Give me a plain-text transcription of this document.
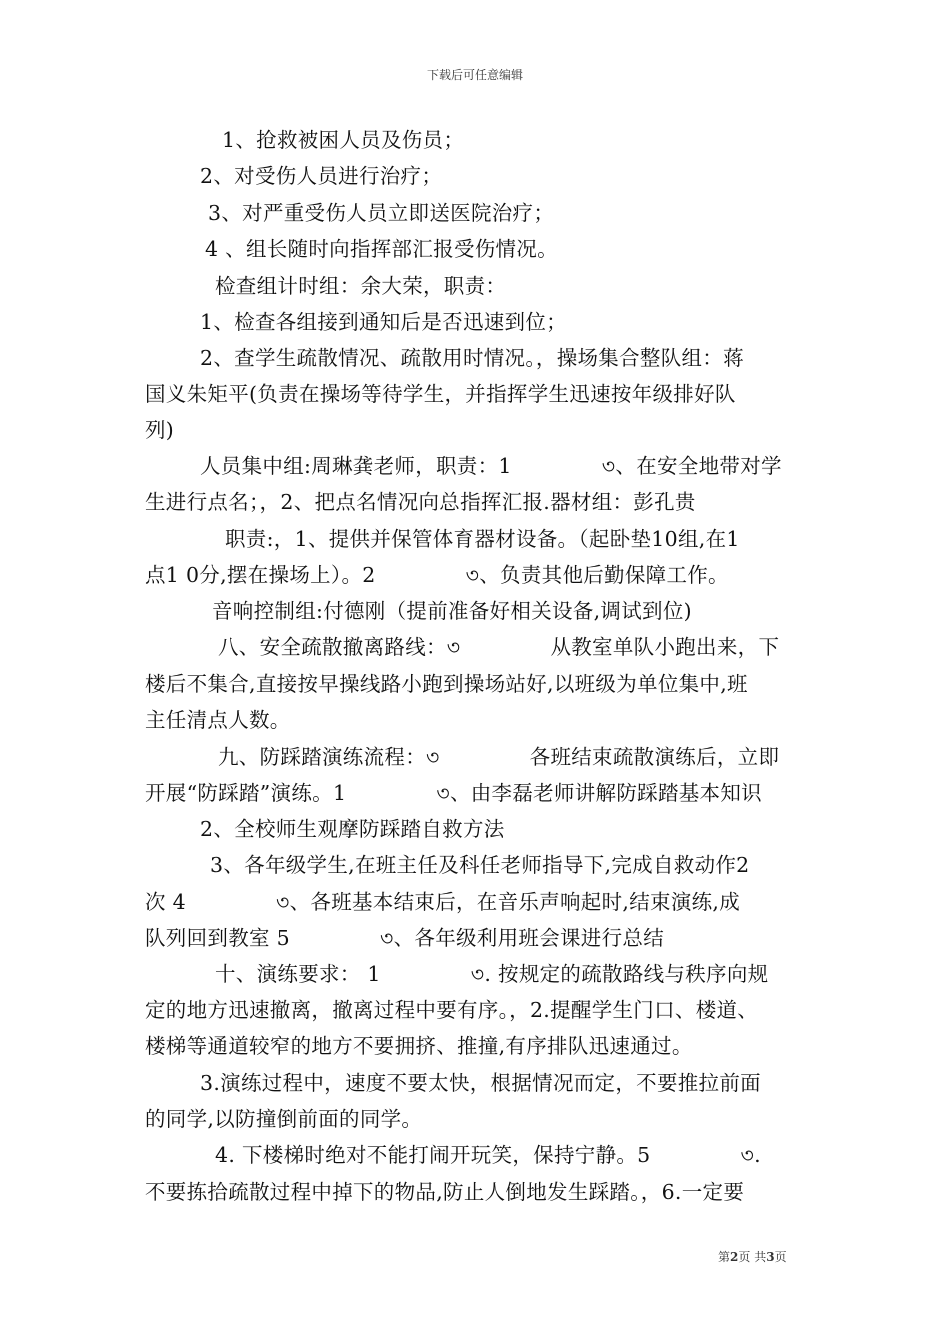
下载后可任意编辑
1、抢救被困人员及伤员；
2、对受伤人员进行治疗；
3、对严重受伤人员立即送医院治疗；
4 、组长随时向指挥部汇报受伤情况。
检查组计时组：余大荣，职责：
1、检查各组接到通知后是否迅速到位；
2、查学生疏散情况、疏散用时情况。，操场集合整队组：蒋
国义朱矩平(负责在操场等待学生，并指挥学生迅速按年级排好队
列)
人员集中组:周琳龚老师，职责：1　　　　 ৩、在安全地带对学
生进行点名；，2、把点名情况向总指挥汇报.器材组：彭孔贵
职责:，1、提供并保管体育器材设备。（起卧垫10组,在1
点1 0分,摆在操场上）。2　　　　 ৩、负责其他后勤保障工作。
音响控制组:付德刚（提前准备好相关设备,调试到位)
八、安全疏散撤离路线：৩　　　　 从教室单队小跑出来，下
楼后不集合,直接按早操线路小跑到操场站好,以班级为单位集中,班
主任清点人数。
九、防踩踏演练流程：৩　　　　 各班结束疏散演练后，立即
开展“防踩踏”演练。1　　　　 ৩、由李磊老师讲解防踩踏基本知识
2、全校师生观摩防踩踏自救方法
3、各年级学生,在班主任及科任老师指导下,完成自救动作2
次 4　　　　 ৩、各班基本结束后，在音乐声响起时,结束演练,成
队列回到教室 5　　　　 ৩、各年级利用班会课进行总结
十、演练要求： 1　　　　 ৩. 按规定的疏散路线与秩序向规
定的地方迅速撤离，撤离过程中要有序。，2.提醒学生门口、楼道、
楼梯等通道较窄的地方不要拥挤、推撞,有序排队迅速通过。
3.演练过程中，速度不要太快，根据情况而定，不要推拉前面
的同学,以防撞倒前面的同学。
4. 下楼梯时绝对不能打闹开玩笑，保持宁静。5　　　　 ৩.
不要拣拾疏散过程中掉下的物品,防止人倒地发生踩踏。，6.一定要
第2页 共3页
